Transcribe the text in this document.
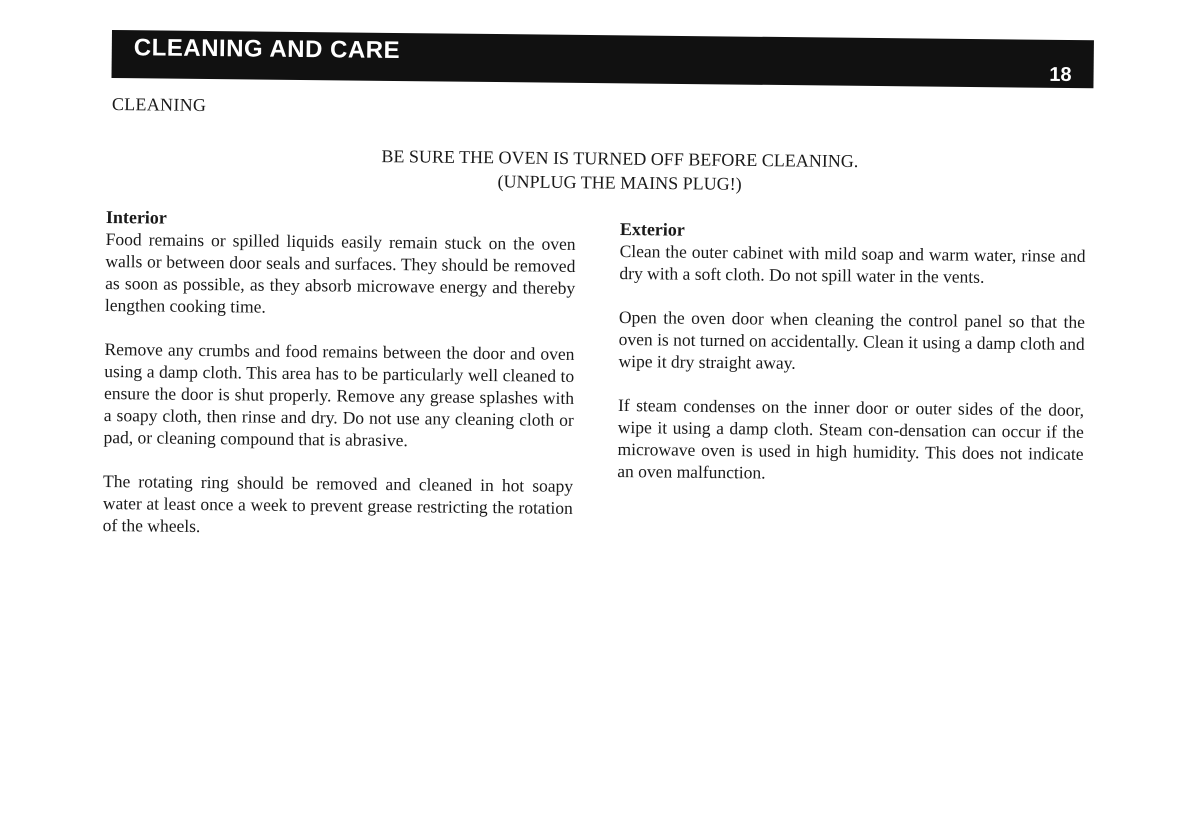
CLEANING AND CARE
18
CLEANING
BE SURE THE OVEN IS TURNED OFF BEFORE CLEANING.
(UNPLUG THE MAINS PLUG!)

Interior

Food remains or spilled liquids easily remain stuck on the oven walls or between door seals and surfaces. They should be removed as soon as possible, as they absorb microwave energy and thereby lengthen cooking time.

Remove any crumbs and food remains between the door and oven using a damp cloth. This area has to be particularly well cleaned to ensure the door is shut properly. Remove any grease splashes with a soapy cloth, then rinse and dry. Do not use any cleaning cloth or pad, or cleaning compound that is abrasive.

The rotating ring should be removed and cleaned in hot soapy water at least once a week to prevent grease restricting the rotation of the wheels.

Exterior

Clean the outer cabinet with mild soap and warm water, rinse and dry with a soft cloth. Do not spill water in the vents.

Open the oven door when cleaning the control panel so that the oven is not turned on accidentally. Clean it using a damp cloth and wipe it dry straight away.

If steam condenses on the inner door or outer sides of the door, wipe it using a damp cloth. Steam con-densation can occur if the microwave oven is used in high humidity. This does not indicate an oven malfunction.
